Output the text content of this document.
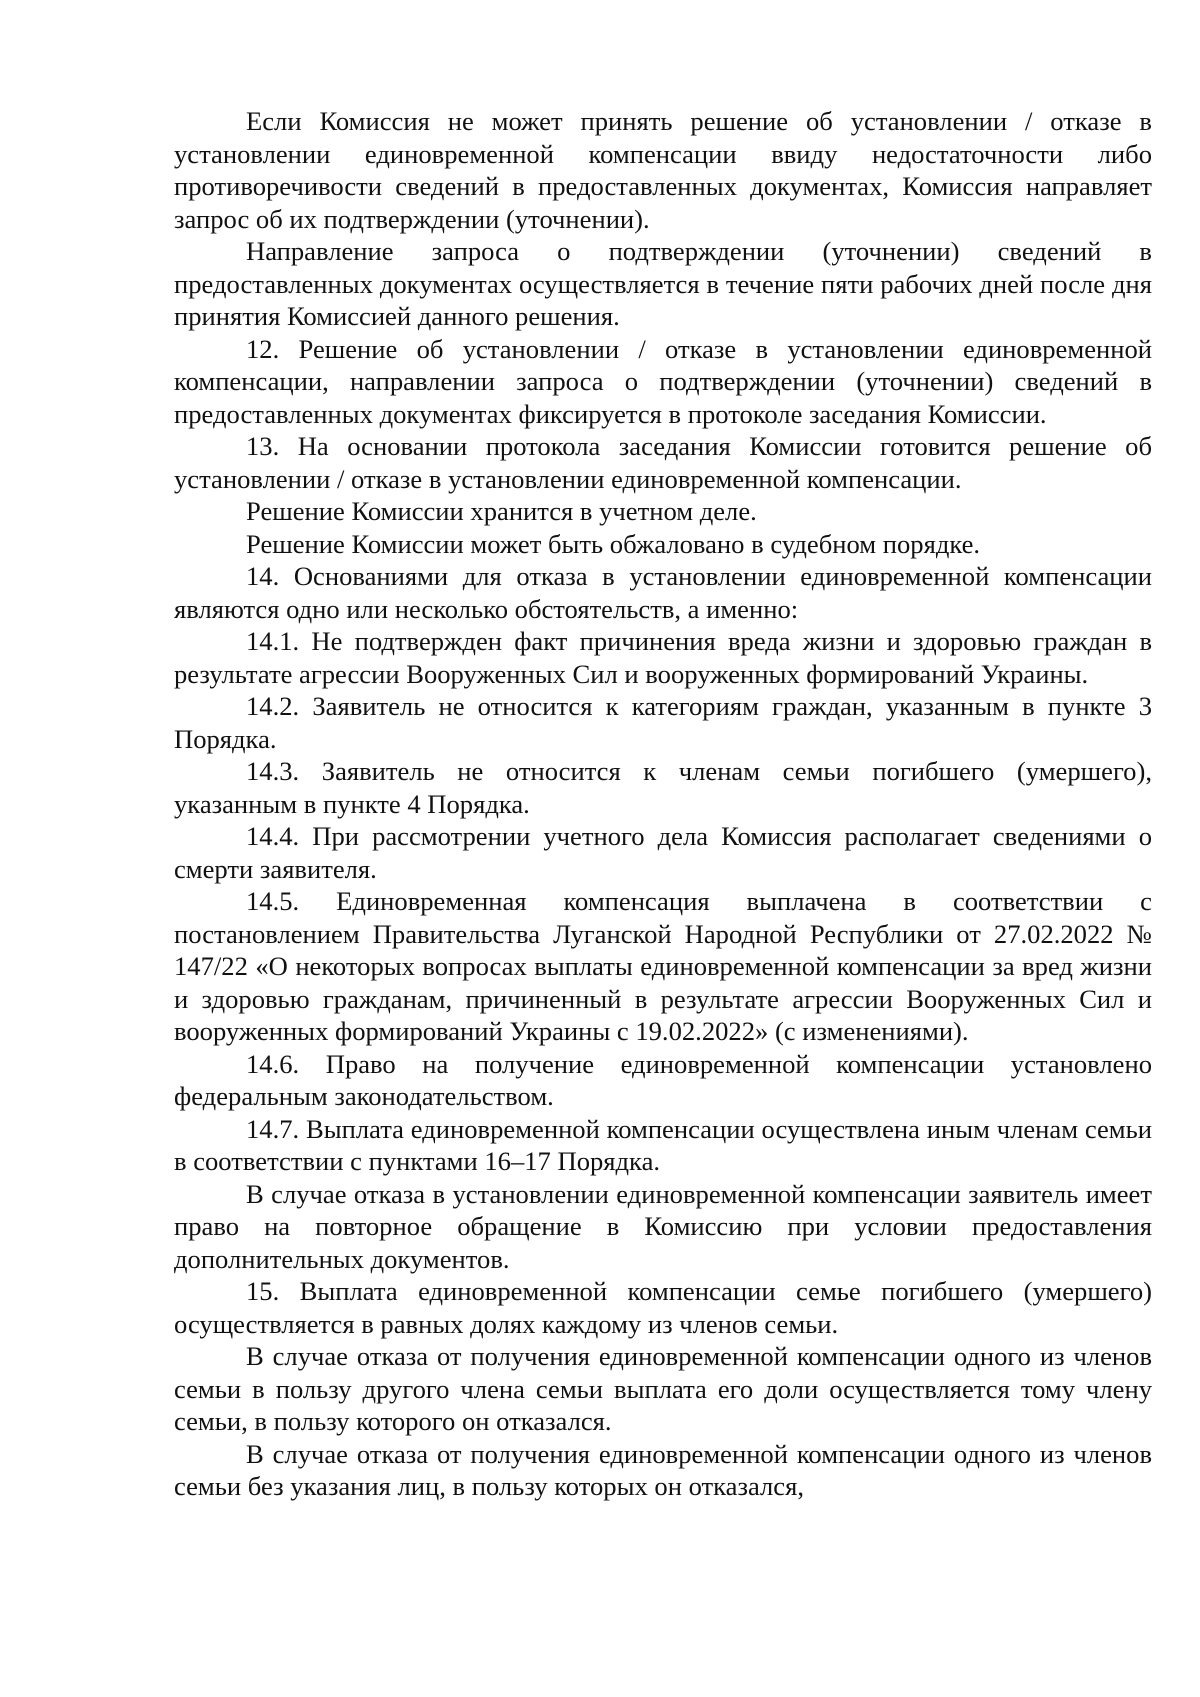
Если Комиссия не может принять решение об установлении / отказе в установлении единовременной компенсации ввиду недостаточности либо противоречивости сведений в предоставленных документах, Комиссия направляет запрос об их подтверждении (уточнении).

Направление запроса о подтверждении (уточнении) сведений в предоставленных документах осуществляется в течение пяти рабочих дней после дня принятия Комиссией данного решения.

12. Решение об установлении / отказе в установлении единовременной компенсации, направлении запроса о подтверждении (уточнении) сведений в предоставленных документах фиксируется в протоколе заседания Комиссии.

13. На основании протокола заседания Комиссии готовится решение об установлении / отказе в установлении единовременной компенсации.

Решение Комиссии хранится в учетном деле.

Решение Комиссии может быть обжаловано в судебном порядке.

14. Основаниями для отказа в установлении единовременной компенсации являются одно или несколько обстоятельств, а именно:

14.1. Не подтвержден факт причинения вреда жизни и здоровью граждан в результате агрессии Вооруженных Сил и вооруженных формирований Украины.

14.2. Заявитель не относится к категориям граждан, указанным в пункте 3 Порядка.

14.3. Заявитель не относится к членам семьи погибшего (умершего), указанным в пункте 4 Порядка.

14.4. При рассмотрении учетного дела Комиссия располагает сведениями о смерти заявителя.

14.5. Единовременная компенсация выплачена в соответствии с постановлением Правительства Луганской Народной Республики от 27.02.2022 № 147/22 «О некоторых вопросах выплаты единовременной компенсации за вред жизни и здоровью гражданам, причиненный в результате агрессии Вооруженных Сил и вооруженных формирований Украины с 19.02.2022» (с изменениями).

14.6. Право на получение единовременной компенсации установлено федеральным законодательством.

14.7. Выплата единовременной компенсации осуществлена иным членам семьи в соответствии с пунктами 16–17 Порядка.

В случае отказа в установлении единовременной компенсации заявитель имеет право на повторное обращение в Комиссию при условии предоставления дополнительных документов.

15. Выплата единовременной компенсации семье погибшего (умершего) осуществляется в равных долях каждому из членов семьи.

В случае отказа от получения единовременной компенсации одного из членов семьи в пользу другого члена семьи выплата его доли осуществляется тому члену семьи, в пользу которого он отказался.

В случае отказа от получения единовременной компенсации одного из членов семьи без указания лиц, в пользу которых он отказался,
